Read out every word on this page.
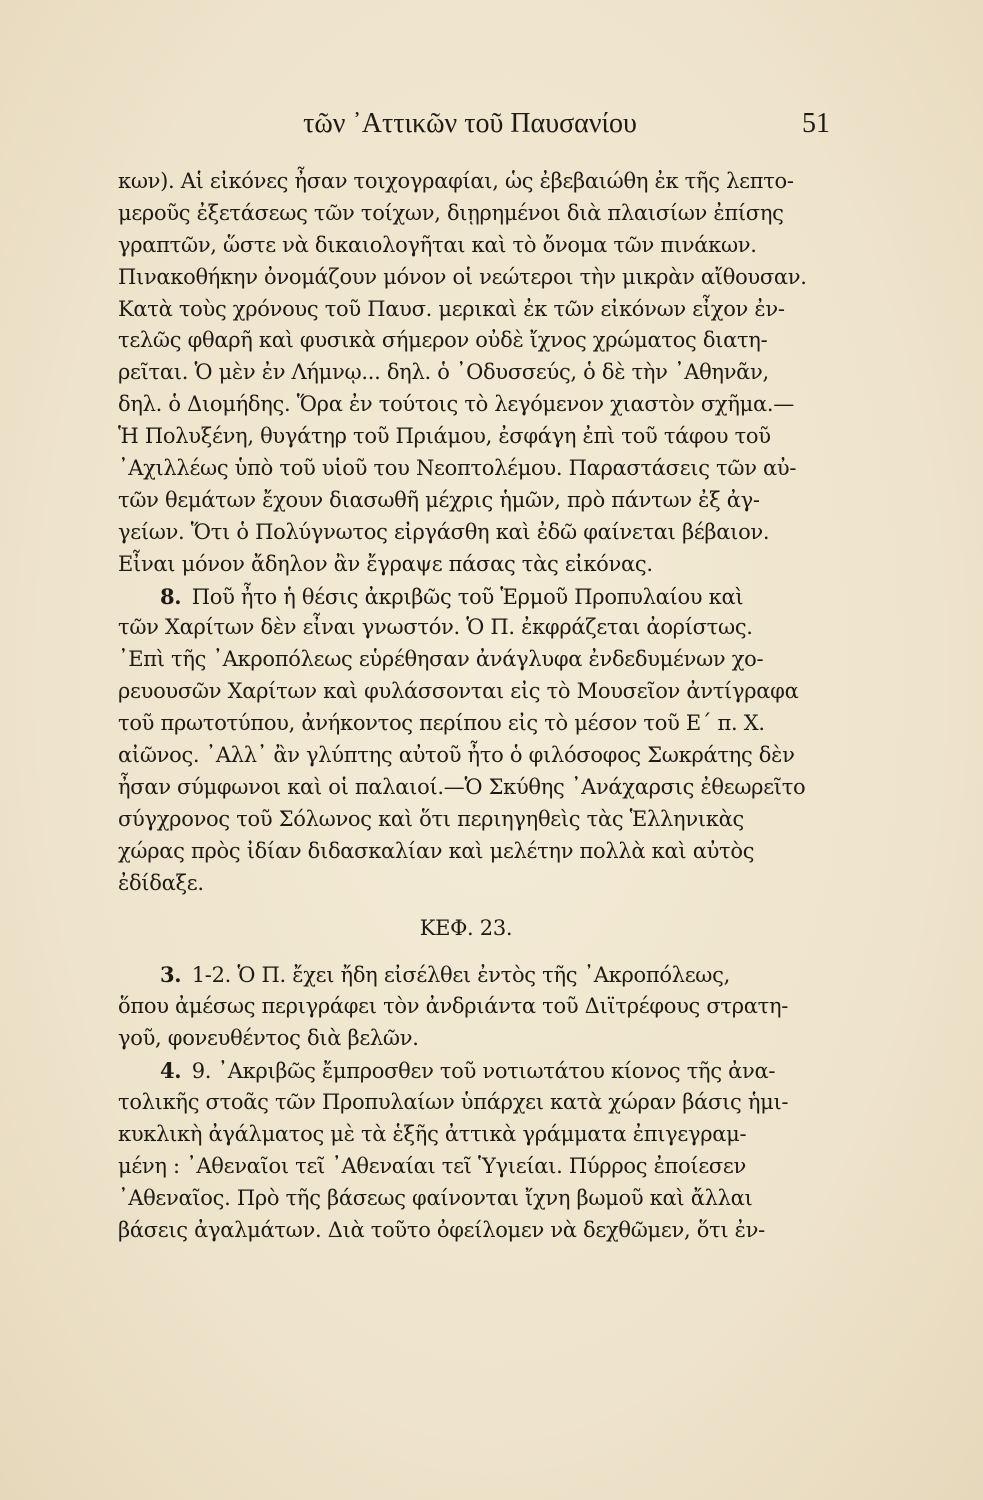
τῶν ᾿Αττικῶν τοῦ Παυσανίου	51
κων). Αἱ εἰκόνες ἦσαν τοιχογραφίαι, ὡς ἐβεβαιώθη ἐκ τῆς λεπτο-
μεροῦς ἐξετάσεως τῶν τοίχων, διῃρημένοι διὰ πλαισίων ἐπίσης
γραπτῶν, ὥστε νὰ δικαιολογῆται καὶ τὸ ὄνομα τῶν πινάκων.
Πινακοθήκην ὀνομάζουν μόνον οἱ νεώτεροι τὴν μικρὰν αἴθουσαν.
Κατὰ τοὺς χρόνους τοῦ Παυσ. μερικαὶ ἐκ τῶν εἰκόνων εἶχον ἐν-
τελῶς φθαρῆ καὶ φυσικὰ σήμερον οὐδὲ ἴχνος χρώματος διατη-
ρεῖται. Ὁ μὲν ἐν Λήμνῳ... δηλ. ὁ ᾿Οδυσσεύς, ὁ δὲ τὴν ᾿Αθηνᾶν,
δηλ. ὁ Διομήδης. Ὅρα ἐν τούτοις τὸ λεγόμενον χιαστὸν σχῆμα.—
Ἡ Πολυξένη, θυγάτηρ τοῦ Πριάμου, ἐσφάγη ἐπὶ τοῦ τάφου τοῦ
᾿Αχιλλέως ὑπὸ τοῦ υἱοῦ του Νεοπτολέμου. Παραστάσεις τῶν αὐ-
τῶν θεμάτων ἔχουν διασωθῆ μέχρις ἡμῶν, πρὸ πάντων ἐξ ἀγ-
γείων. Ὅτι ὁ Πολύγνωτος εἰργάσθη καὶ ἐδῶ φαίνεται βέβαιον.
Εἶναι μόνον ἄδηλον ἂν ἔγραψε πάσας τὰς εἰκόνας.
8. Ποῦ ἦτο ἡ θέσις ἀκριβῶς τοῦ Ἑρμοῦ Προπυλαίου καὶ
τῶν Χαρίτων δὲν εἶναι γνωστόν. Ὁ Π. ἐκφράζεται ἀορίστως.
᾿Επὶ τῆς ᾿Ακροπόλεως εὑρέθησαν ἀνάγλυφα ἐνδεδυμένων χο-
ρευουσῶν Χαρίτων καὶ φυλάσσονται εἰς τὸ Μουσεῖον ἀντίγραφα
τοῦ πρωτοτύπου, ἀνήκοντος περίπου εἰς τὸ μέσον τοῦ Ε΄ π. Χ.
αἰῶνος. ᾿Αλλ᾿ ἂν γλύπτης αὐτοῦ ἦτο ὁ φιλόσοφος Σωκράτης δὲν
ἦσαν σύμφωνοι καὶ οἱ παλαιοί.—Ὁ Σκύθης ᾿Ανάχαρσις ἐθεωρεῖτο
σύγχρονος τοῦ Σόλωνος καὶ ὅτι περιηγηθεὶς τὰς Ἑλληνικὰς
χώρας πρὸς ἰδίαν διδασκαλίαν καὶ μελέτην πολλὰ καὶ αὐτὸς
ἐδίδαξε.
ΚΕΦ. 23.
3. 1-2. Ὁ Π. ἔχει ἤδη εἰσέλθει ἐντὸς τῆς ᾿Ακροπόλεως,
ὅπου ἀμέσως περιγράφει τὸν ἀνδριάντα τοῦ Διϊτρέφους στρατη-
γοῦ, φονευθέντος διὰ βελῶν.
4. 9. ᾿Ακριβῶς ἔμπροσθεν τοῦ νοτιωτάτου κίονος τῆς ἀνα-
τολικῆς στοᾶς τῶν Προπυλαίων ὑπάρχει κατὰ χώραν βάσις ἡμι-
κυκλικὴ ἀγάλματος μὲ τὰ ἑξῆς ἀττικὰ γράμματα ἐπιγεγραμ-
μένη : ᾿Αθεναῖοι τεῖ ᾿Αθεναίαι τεῖ Ὑγιείαι. Πύρρος ἐποίεσεν
᾿Αθεναῖος. Πρὸ τῆς βάσεως φαίνονται ἴχνη βωμοῦ καὶ ἄλλαι
βάσεις ἀγαλμάτων. Διὰ τοῦτο ὀφείλομεν νὰ δεχθῶμεν, ὅτι ἐν-
